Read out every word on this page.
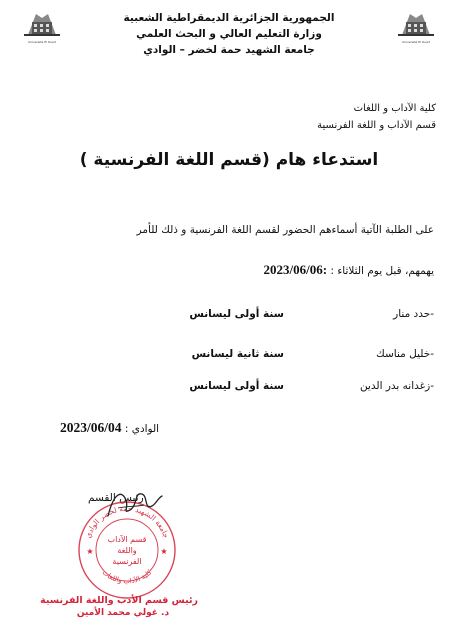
Université El Oued
Université El Oued
الجمهورية الجزائرية الديمقراطية الشعبية
وزارة التعليم العالي و البحث العلمي
جامعة الشهيد حمة لخضر – الوادي
كلية الآداب و اللغات
قسم الآداب و اللغة الفرنسية
استدعاء هام (قسم اللغة الفرنسية )
على الطلبة الآتية أسماءهم الحضور لقسم اللغة الفرنسية و ذلك للأمر
يهمهم، قبل يوم الثلاثاء : 2023/06/06:
-حدد منار
سنة أولى ليسانس
-خليل مناسك
سنة ثانية ليسانس
-زغدانه بدر الدين
سنة أولى ليسانس
الوادي : 2023/06/04
رئيس القسم
جامعة الشهيد حمة لخضر الوادي
كلية الآداب واللغات
قسم الآداب
واللغة
الفرنسية
★	★
رئيس قسم الأدب واللغة الفرنسية
د. غولي محمد الأمين
